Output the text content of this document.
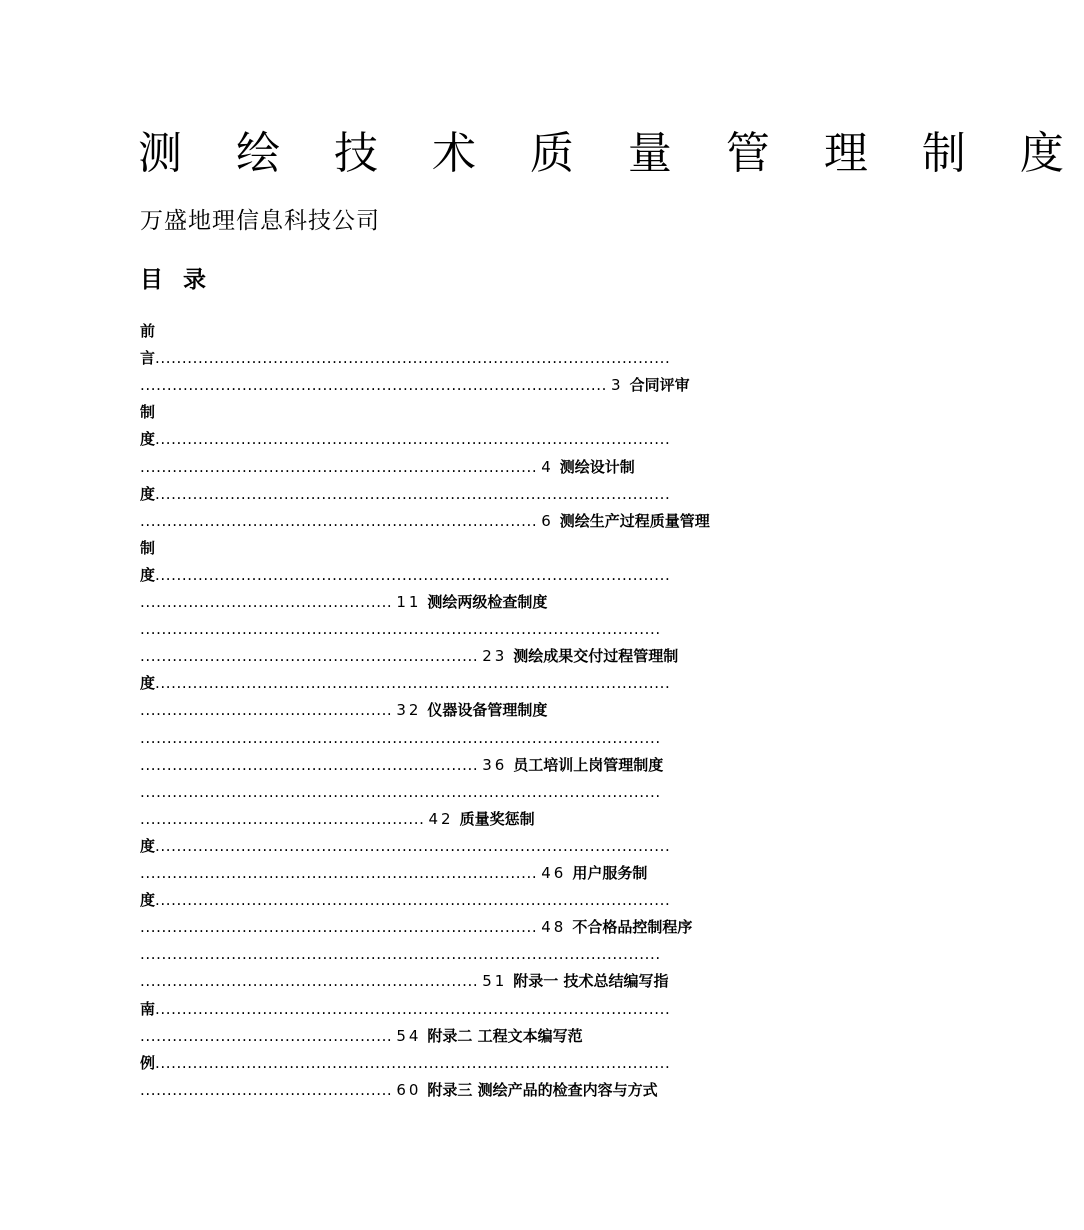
测 绘 技 术 质 量 管 理 制 度
万盛地理信息科技公司
目 录
前
言................................................................................................
....................................................................................... 3 合同评审
制
度................................................................................................
.......................................................................... 4 测绘设计制
度................................................................................................
.......................................................................... 6 测绘生产过程质量管理
制
度................................................................................................
............................................... 11 测绘两级检查制度
.................................................................................................
............................................................... 23 测绘成果交付过程管理制
度................................................................................................
............................................... 32 仪器设备管理制度
.................................................................................................
............................................................... 36 员工培训上岗管理制度
.................................................................................................
..................................................... 42 质量奖惩制
度................................................................................................
.......................................................................... 46 用户服务制
度................................................................................................
.......................................................................... 48 不合格品控制程序
.................................................................................................
............................................................... 51 附录一 技术总结编写指
南................................................................................................
............................................... 54 附录二 工程文本编写范
例................................................................................................
............................................... 60 附录三 测绘产品的检查内容与方式
